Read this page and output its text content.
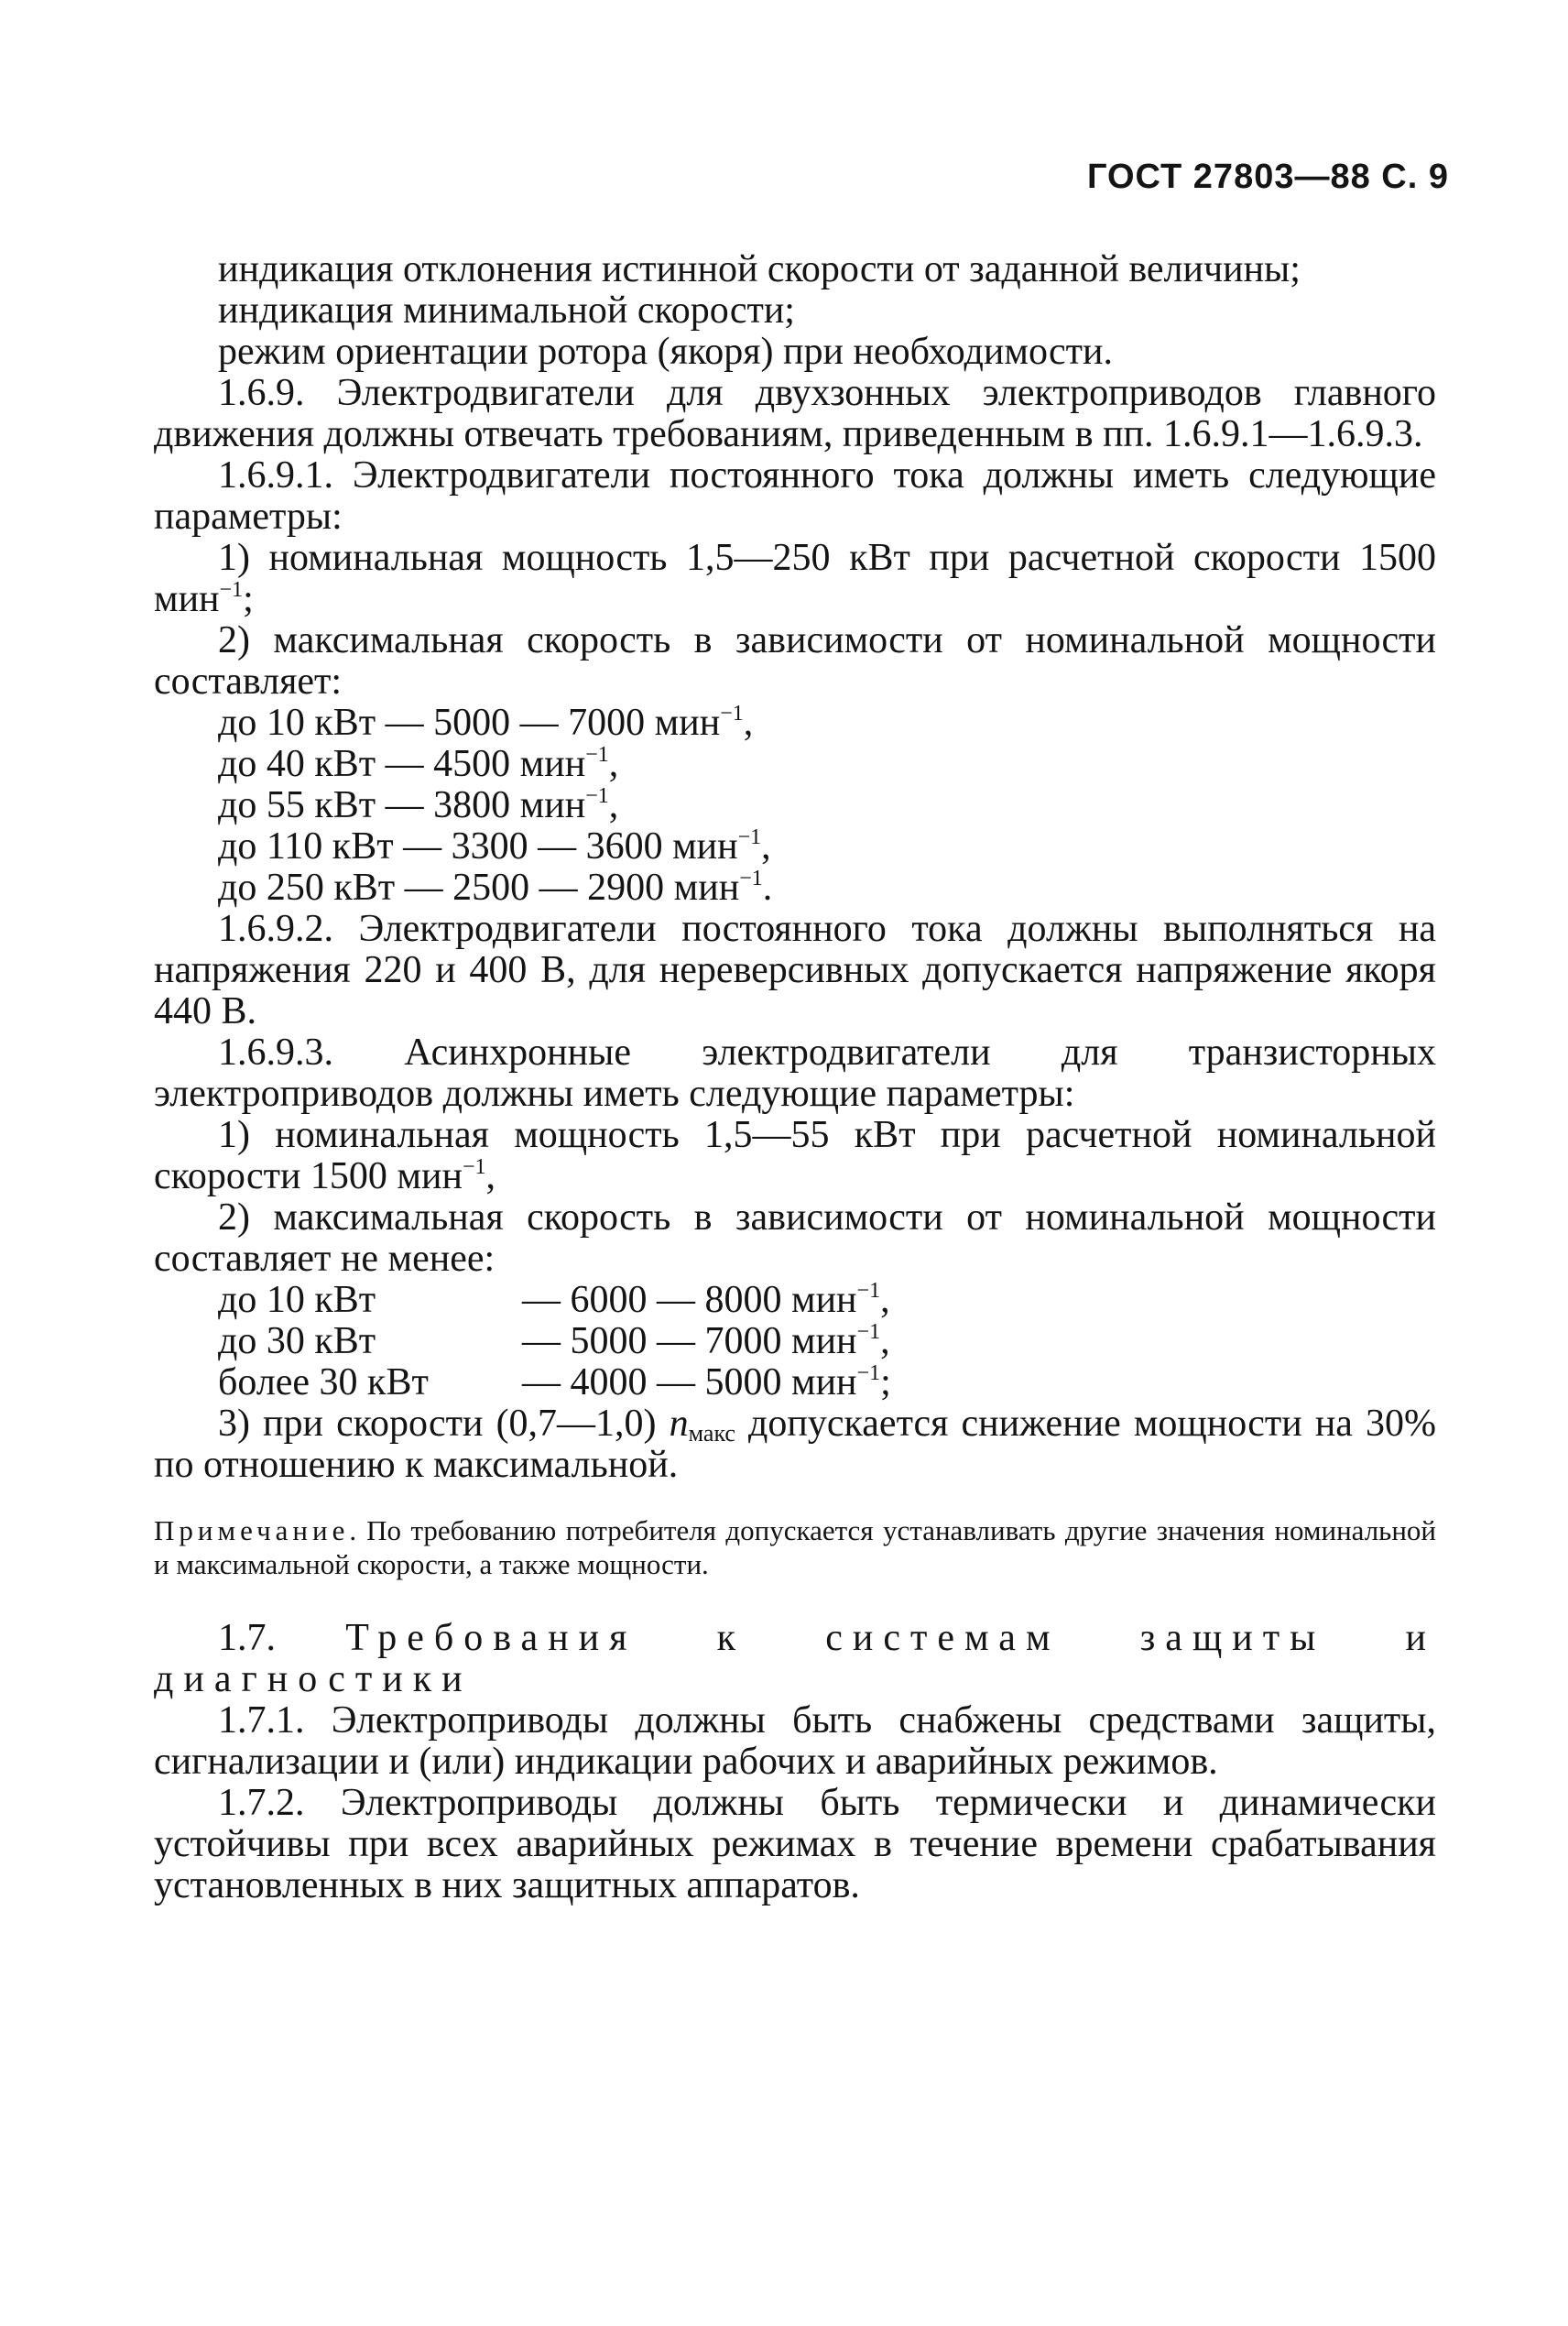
ГОСТ 27803—88 С. 9

индикация отклонения истинной скорости от заданной величины;

индикация минимальной скорости;

режим ориентации ротора (якоря) при необходимости.

1.6.9. Электродвигатели для двухзонных электроприводов главного движения должны отвечать требованиям, приведенным в пп. 1.6.9.1—1.6.9.3.

1.6.9.1. Электродвигатели постоянного тока должны иметь следующие параметры:

1) номинальная мощность 1,5—250 кВт при расчетной скорости 1500 мин$^{-1}$;

2) максимальная скорость в зависимости от номинальной мощности составляет:

до 10 кВт — 5000 — 7000 мин$^{-1}$,
до 40 кВт — 4500 мин$^{-1}$,
до 55 кВт — 3800 мин$^{-1}$,
до 110 кВт — 3300 — 3600 мин$^{-1}$,
до 250 кВт — 2500 — 2900 мин$^{-1}$.

1.6.9.2. Электродвигатели постоянного тока должны выполняться на напряжения 220 и 400 В, для нереверсивных допускается напряжение якоря 440 В.

1.6.9.3. Асинхронные электродвигатели для транзисторных электроприводов должны иметь следующие параметры:

1) номинальная мощность 1,5—55 кВт при расчетной номинальной скорости 1500 мин$^{-1}$,

2) максимальная скорость в зависимости от номинальной мощности составляет не менее:

до 10 кВт	— 6000 — 8000 мин$^{-1}$,
до 30 кВт	— 5000 — 7000 мин$^{-1}$,
более 30 кВт	— 4000 — 5000 мин$^{-1}$;

3) при скорости (0,7—1,0) $n_{макс}$ допускается снижение мощности на 30% по отношению к максимальной.

Примечание. По требованию потребителя допускается устанавливать другие значения номинальной и максимальной скорости, а также мощности.

1.7. Требования к системам защиты и диагностики

1.7.1. Электроприводы должны быть снабжены средствами защиты, сигнализации и (или) индикации рабочих и аварийных режимов.

1.7.2. Электроприводы должны быть термически и динамически устойчивы при всех аварийных режимах в течение времени срабатывания установленных в них защитных аппаратов.
